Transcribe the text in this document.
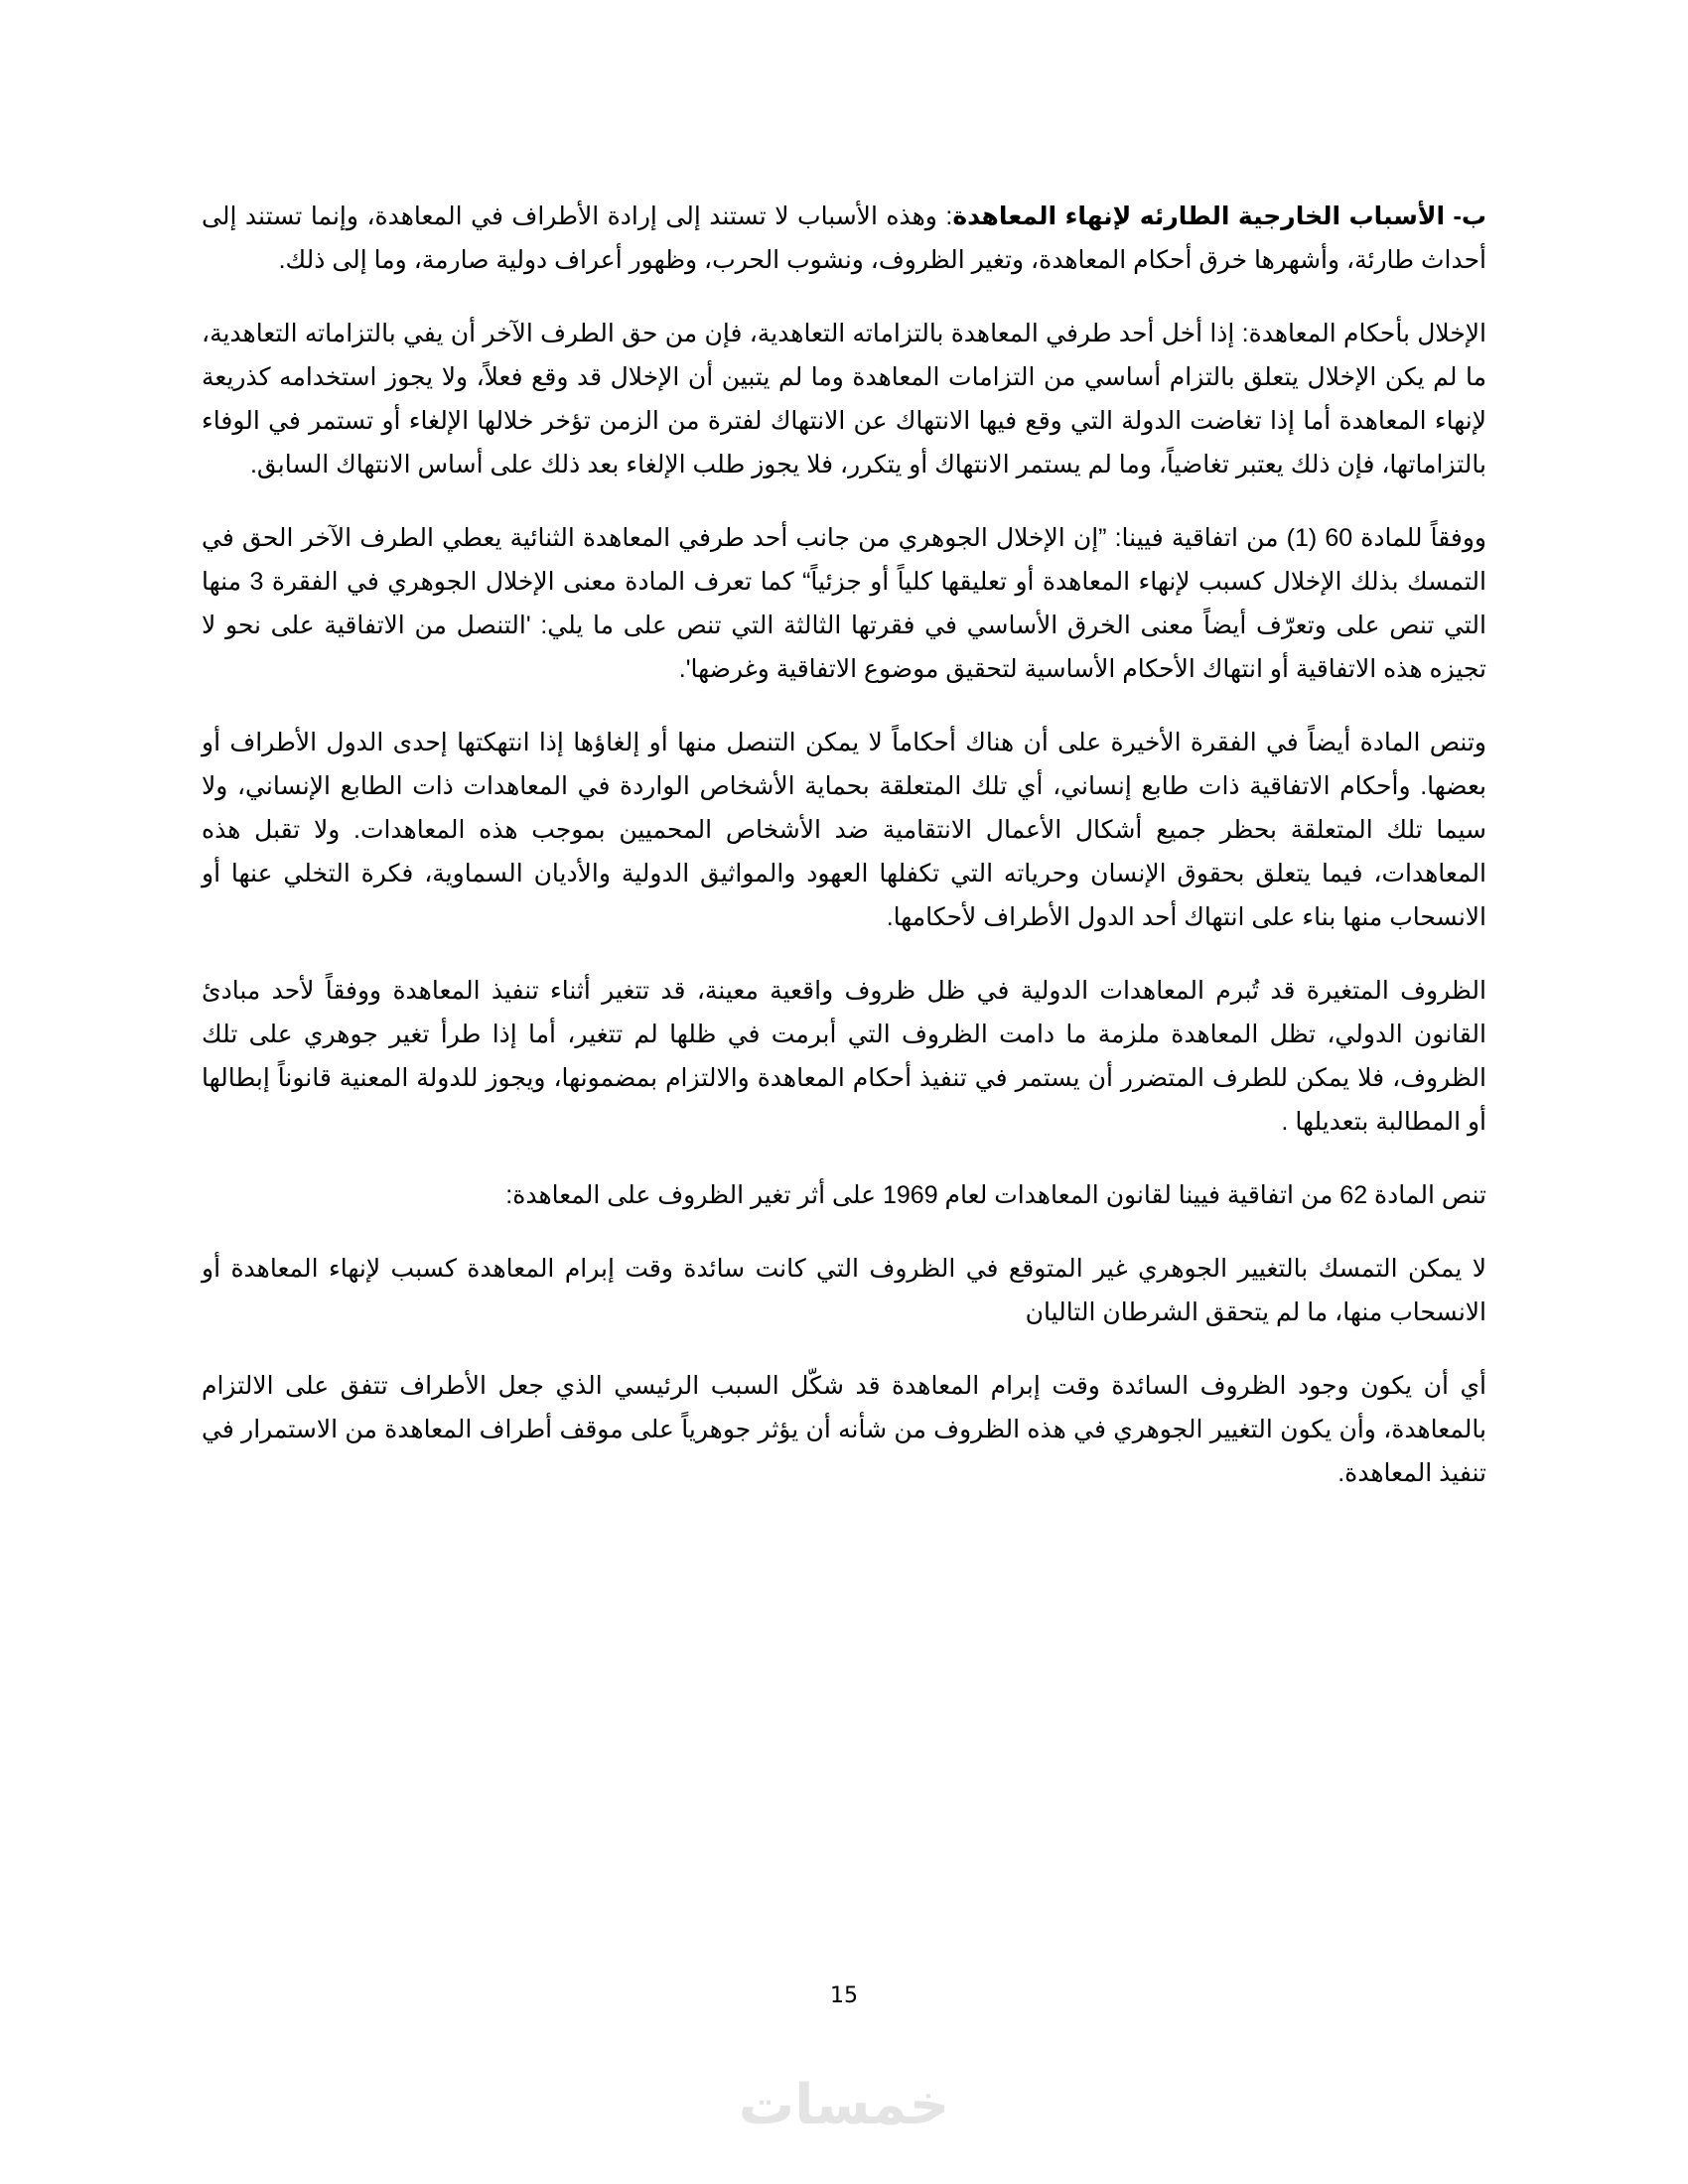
ب- الأسباب الخارجية الطارئه لإنهاء المعاهدة: وهذه الأسباب لا تستند إلى إرادة الأطراف في المعاهدة، وإنما تستند إلى أحداث طارئة، وأشهرها خرق أحكام المعاهدة، وتغير الظروف، ونشوب الحرب، وظهور أعراف دولية صارمة، وما إلى ذلك.

الإخلال بأحكام المعاهدة: إذا أخل أحد طرفي المعاهدة بالتزاماته التعاهدية، فإن من حق الطرف الآخر أن يفي بالتزاماته التعاهدية، ما لم يكن الإخلال يتعلق بالتزام أساسي من التزامات المعاهدة وما لم يتبين أن الإخلال قد وقع فعلاً، ولا يجوز استخدامه كذريعة لإنهاء المعاهدة أما إذا تغاضت الدولة التي وقع فيها الانتهاك عن الانتهاك لفترة من الزمن تؤخر خلالها الإلغاء أو تستمر في الوفاء بالتزاماتها، فإن ذلك يعتبر تغاضياً، وما لم يستمر الانتهاك أو يتكرر، فلا يجوز طلب الإلغاء بعد ذلك على أساس الانتهاك السابق.

ووفقاً للمادة 60 (1) من اتفاقية فيينا: ”إن الإخلال الجوهري من جانب أحد طرفي المعاهدة الثنائية يعطي الطرف الآخر الحق في التمسك بذلك الإخلال كسبب لإنهاء المعاهدة أو تعليقها كلياً أو جزئياً“ كما تعرف المادة معنى الإخلال الجوهري في الفقرة 3 منها التي تنص على وتعرّف أيضاً معنى الخرق الأساسي في فقرتها الثالثة التي تنص على ما يلي: 'التنصل من الاتفاقية على نحو لا تجيزه هذه الاتفاقية أو انتهاك الأحكام الأساسية لتحقيق موضوع الاتفاقية وغرضها'.

وتنص المادة أيضاً في الفقرة الأخيرة على أن هناك أحكاماً لا يمكن التنصل منها أو إلغاؤها إذا انتهكتها إحدى الدول الأطراف أو بعضها. وأحكام الاتفاقية ذات طابع إنساني، أي تلك المتعلقة بحماية الأشخاص الواردة في المعاهدات ذات الطابع الإنساني، ولا سيما تلك المتعلقة بحظر جميع أشكال الأعمال الانتقامية ضد الأشخاص المحميين بموجب هذه المعاهدات. ولا تقبل هذه المعاهدات، فيما يتعلق بحقوق الإنسان وحرياته التي تكفلها العهود والمواثيق الدولية والأديان السماوية، فكرة التخلي عنها أو الانسحاب منها بناء على انتهاك أحد الدول الأطراف لأحكامها.

الظروف المتغيرة قد تُبرم المعاهدات الدولية في ظل ظروف واقعية معينة، قد تتغير أثناء تنفيذ المعاهدة ووفقاً لأحد مبادئ القانون الدولي، تظل المعاهدة ملزمة ما دامت الظروف التي أبرمت في ظلها لم تتغير، أما إذا طرأ تغير جوهري على تلك الظروف، فلا يمكن للطرف المتضرر أن يستمر في تنفيذ أحكام المعاهدة والالتزام بمضمونها، ويجوز للدولة المعنية قانوناً إبطالها أو المطالبة بتعديلها .

تنص المادة 62 من اتفاقية فيينا لقانون المعاهدات لعام 1969 على أثر تغير الظروف على المعاهدة:

لا يمكن التمسك بالتغيير الجوهري غير المتوقع في الظروف التي كانت سائدة وقت إبرام المعاهدة كسبب لإنهاء المعاهدة أو الانسحاب منها، ما لم يتحقق الشرطان التاليان

أي أن يكون وجود الظروف السائدة وقت إبرام المعاهدة قد شكّل السبب الرئيسي الذي جعل الأطراف تتفق على الالتزام بالمعاهدة، وأن يكون التغيير الجوهري في هذه الظروف من شأنه أن يؤثر جوهرياً على موقف أطراف المعاهدة من الاستمرار في تنفيذ المعاهدة.

15
خمسات
